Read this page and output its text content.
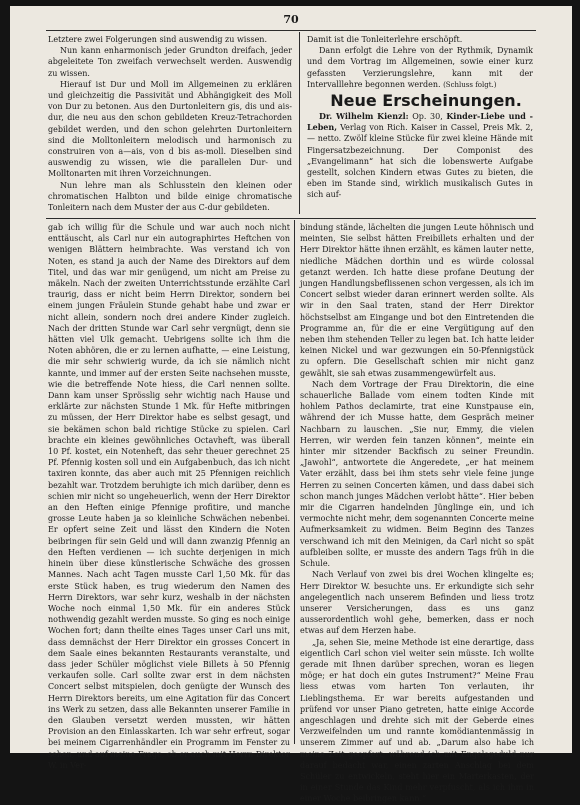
70

Letztere zwei Folgerungen sind auswendig zu wissen.

Nun kann enharmonisch jeder Grundton dreifach, jeder abgeleitete Ton zweifach verwechselt werden. Auswendig zu wissen.

Hierauf ist Dur und Moll im Allgemeinen zu erklären und gleichzeitig die Passivität und Abhängigkeit des Moll von Dur zu betonen. Aus den Durtonleitern gis, dis und ais-dur, die neu aus den schon gebildeten Kreuz-Tetrachorden gebildet werden, und den schon gelehrten Durtonleitern sind die Molltonleitern melodisch und harmonisch zu construiren von a—ais, von d bis as-moll. Dieselben sind auswendig zu wissen, wie die parallelen Dur- und Molltonarten mit ihren Vorzeichnungen.

Nun lehre man als Schlusstein den kleinen oder chromatischen Halbton und bilde einige chromatische Tonleitern nach dem Muster der aus C-dur gebildeten.

Damit ist die Tonleiterlehre erschöpft.

Dann erfolgt die Lehre von der Rythmik, Dynamik und dem Vortrag im Allgemeinen, sowie einer kurz gefassten Verzierungslehre, kann mit der Intervalllehre begonnen werden. (Schluss folgt.)

Neue Erscheinungen.

Dr. Wilhelm Kienzl: Op. 30, Kinder-Liebe und -Leben, Verlag von Rich. Kaiser in Cassel, Preis Mk. 2,— netto. Zwölf kleine Stücke für zwei kleine Hände mit Fingersatzbezeichnung. Der Componist des „Evangelimann“ hat sich die lobenswerte Aufgabe gestellt, solchen Kindern etwas Gutes zu bieten, die eben im Stande sind, wirklich musikalisch Gutes in sich auf-

gab ich willig für die Schule und war auch noch nicht enttäuscht, als Carl nur ein autographirtes Heftchen von wenigen Blättern heimbrachte. Was verstand ich von Noten, es stand ja auch der Name des Direktors auf dem Titel, und das war mir genügend, um nicht am Preise zu mäkeln. Nach der zweiten Unterrichtsstunde erzählte Carl traurig, dass er nicht beim Herrn Direktor, sondern bei einem jungen Fräulein Stunde gehabt habe und zwar er nicht allein, sondern noch drei andere Kinder zugleich. Nach der dritten Stunde war Carl sehr vergnügt, denn sie hätten viel Ulk gemacht. Uebrigens sollte ich ihm die Noten abhören, die er zu lernen aufhatte, — eine Leistung, die mir sehr schwierig wurde, da ich sie nämlich nicht kannte, und immer auf der ersten Seite nachsehen musste, wie die betreffende Note hiess, die Carl nennen sollte. Dann kam unser Sprösslig sehr wichtig nach Hause und erklärte zur nächsten Stunde 1 Mk. für Hefte mitbringen zu müssen, der Herr Direktor habe es selbst gesagt, und sie bekämen schon bald richtige Stücke zu spielen. Carl brachte ein kleines gewöhnliches Octavheft, was überall 10 Pf. kostet, ein Notenheft, das sehr theuer gerechnet 25 Pf. Pfennig kosten soll und ein Aufgabenbuch, das ich nicht taxiren konnte, das aber auch mit 25 Pfennigen reichlich bezahlt war. Trotzdem beruhigte ich mich darüber, denn es schien mir nicht so ungeheuerlich, wenn der Herr Direktor an den Heften einige Pfennige profitire, und manche grosse Leute haben ja so kleinliche Schwächen nebenbei. Er opfert seine Zeit und lässt den Kindern die Noten beibringen für sein Geld und will dann zwanzig Pfennig an den Heften verdienen — ich suchte derjenigen in mich hinein über diese künstlerische Schwäche des grossen Mannes. Nach acht Tagen musste Carl 1,50 Mk. für das erste Stück haben, es trug wiederum den Namen des Herrn Direktors, war sehr kurz, weshalb in der nächsten Woche noch einmal 1,50 Mk. für ein anderes Stück nothwendig gezahlt werden musste. So ging es noch einige Wochen fort; dann theilte eines Tages unser Carl uns mit, dass demnächst der Herr Direktor ein grosses Concert in dem Saale eines bekannten Restaurants veranstalte, und dass jeder Schüler möglichst viele Billets à 50 Pfennig verkaufen solle. Carl sollte zwar erst in dem nächsten Concert selbst mitspielen, doch genügte der Wunsch des Herrn Direktors bereits, um eine Agitation für das Concert ins Werk zu setzen, dass alle Bekannten unserer Familie in den Glauben versetzt werden mussten, wir hätten Provision an den Einlasskarten. Ich war sehr erfreut, sogar bei meinem Cigarrenhändler ein Programm im Fenster zu sehen, und auf meine Frage, ob er auch mit Herrn Direktor W. in Ver-

bindung stände, lächelten die jungen Leute höhnisch und meinten, Sie selbst hätten Freibillets erhalten und der Herr Direktor hätte ihnen erzählt, es kämen lauter nette, niedliche Mädchen dorthin und es würde colossal getanzt werden. Ich hatte diese profane Deutung der jungen Handlungsbeflissenen schon vergessen, als ich im Concert selbst wieder daran erinnert werden sollte. Als wir in den Saal traten, stand der Herr Direktor höchstselbst am Eingange und bot den Eintretenden die Programme an, für die er eine Vergütigung auf den neben ihm stehenden Teller zu legen bat. Ich hatte leider keinen Nickel und war gezwungen ein 50-Pfennigstück zu opfern. Die Gesellschaft schien mir nicht ganz gewählt, sie sah etwas zusammengewürfelt aus.

Nach dem Vortrage der Frau Direktorin, die eine schauerliche Ballade vom einem todten Kinde mit hohlem Pathos declamirte, trat eine Kunstpause ein, während der ich Musse hatte, dem Gespräch meiner Nachbarn zu lauschen. „Sie nur, Emmy, die vielen Herren, wir werden fein tanzen können“, meinte ein hinter mir sitzender Backfisch zu seiner Freundin. „Jawohl“, antwortete die Angeredete, „er hat meinem Vater erzählt, dass bei ihm stets sehr viele feine junge Herren zu seinen Concerten kämen, und dass dabei sich schon manch junges Mädchen verlobt hätte“. Hier beben mir die Cigarren handelnden Jünglinge ein, und ich vermochte nicht mehr, dem sogenannten Concerte meine Aufmerksamkeit zu widmen. Beim Beginn des Tanzes verschwand ich mit den Meinigen, da Carl nicht so spät aufbleiben sollte, er musste des andern Tags früh in die Schule.

Nach Verlauf von zwei bis drei Wochen klingelte es; Herr Direktor W. besuchte uns. Er erkundigte sich sehr angelegentlich nach unserem Befinden und liess trotz unserer Versicherungen, dass es uns ganz ausserordentlich wohl gehe, bemerken, dass er noch etwas auf dem Herzen habe.

„Ja, sehen Sie, meine Methode ist eine derartige, dass eigentlich Carl schon viel weiter sein müsste. Ich wollte gerade mit Ihnen darüber sprechen, woran es liegen möge; er hat doch ein gutes Instrument?“ Meine Frau liess etwas vom harten Ton verlauten, ihr Lieblingsthema. Er war bereits aufgestanden und prüfend vor unser Piano getreten, hatte einige Accorde angeschlagen und drehte sich mit der Geberde eines Verzweifelnden um und rannte komödiantenmässig in unserem Zimmer auf und ab. „Darum also habe ich meine Zeit geopfert; während ich mit Engelsgeduld nur darauf bedacht war, einen zarten Anschlag bei dem Schüler zu entwickeln, steht hier ein Marterkasten, der in einer Stunde das Kind mehr verpfuscht, als ich ihm in einer Woche beibringen kann.“
